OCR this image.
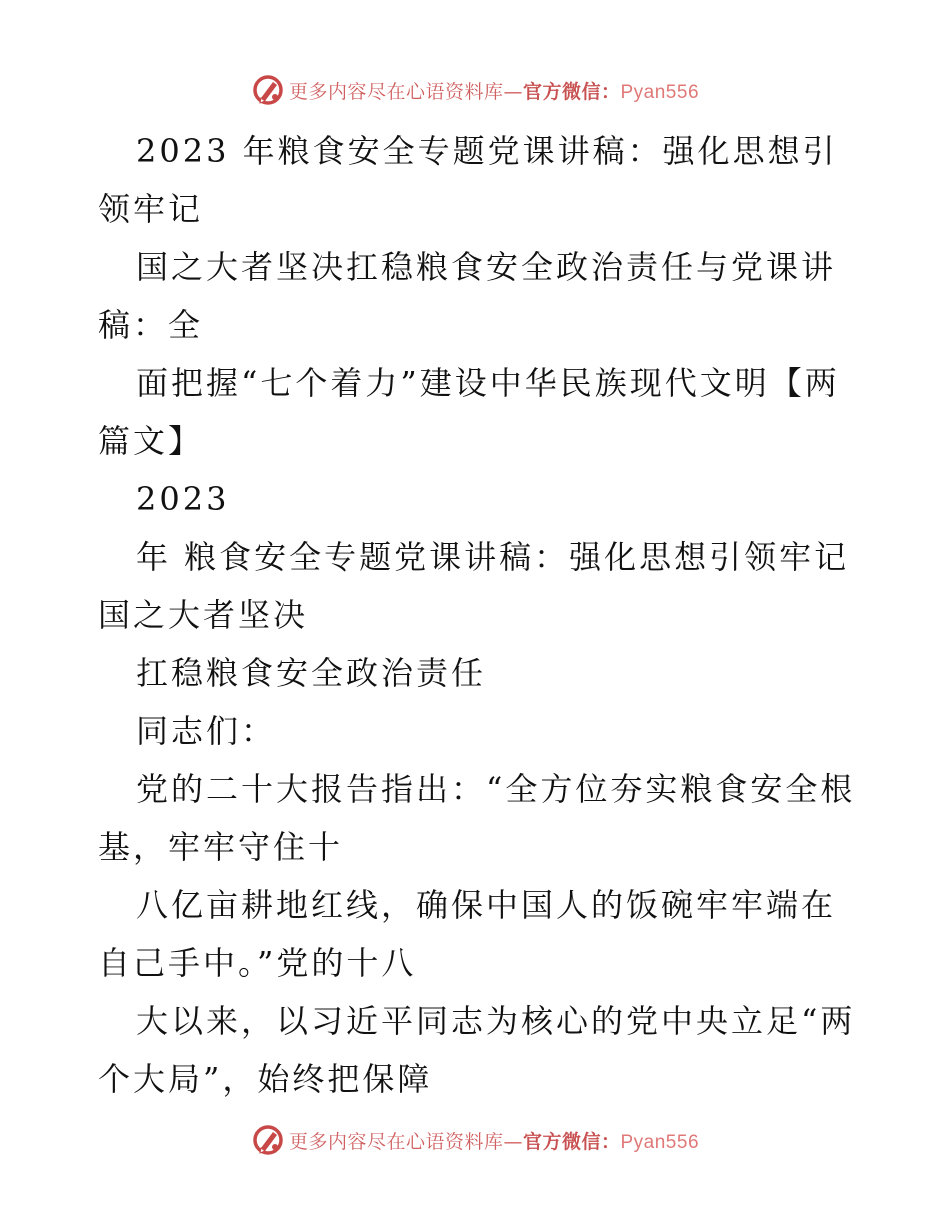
更多内容尽在心语资料库—官方微信：Pyan556

2023 年粮食安全专题党课讲稿：强化思想引领牢记

国之大者坚决扛稳粮食安全政治责任与党课讲稿：全

面把握“七个着力”建设中华民族现代文明【两篇文】

2023

年 粮食安全专题党课讲稿：强化思想引领牢记国之大者坚决

扛稳粮食安全政治责任

同志们：

党的二十大报告指出：“全方位夯实粮食安全根基，牢牢守住十

八亿亩耕地红线，确保中国人的饭碗牢牢端在自己手中。”党的十八

大以来，以习近平同志为核心的党中央立足“两个大局”，始终把保障

更多内容尽在心语资料库—官方微信：Pyan556
